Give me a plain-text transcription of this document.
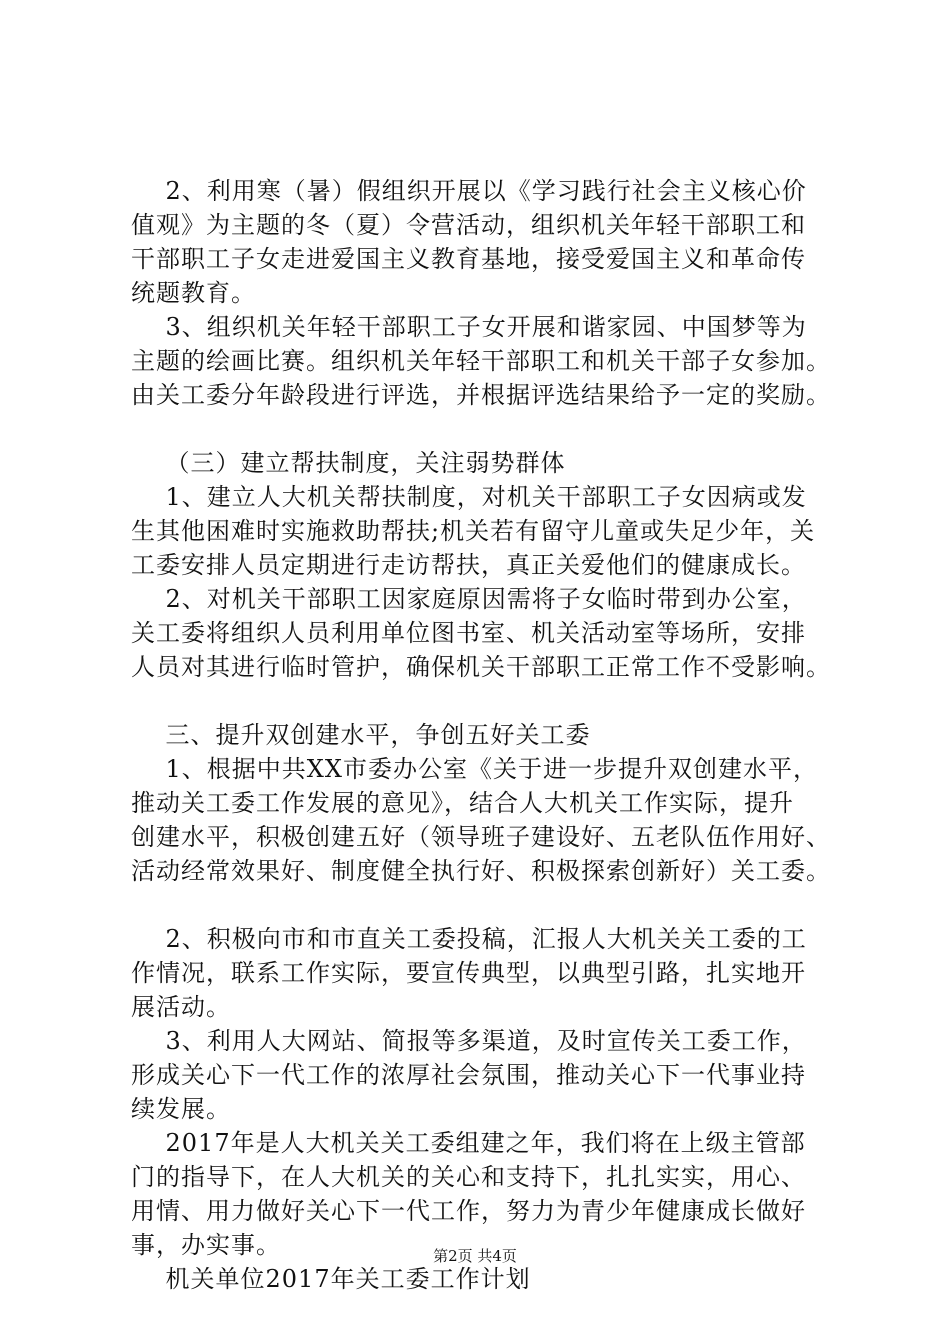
2、利用寒（暑）假组织开展以《学习践行社会主义核心价
值观》为主题的冬（夏）令营活动，组织机关年轻干部职工和
干部职工子女走进爱国主义教育基地，接受爱国主义和革命传
统题教育。
3、组织机关年轻干部职工子女开展和谐家园、中国梦等为
主题的绘画比赛。组织机关年轻干部职工和机关干部子女参加。
由关工委分年龄段进行评选，并根据评选结果给予一定的奖励。
（三）建立帮扶制度，关注弱势群体
1、建立人大机关帮扶制度，对机关干部职工子女因病或发
生其他困难时实施救助帮扶;机关若有留守儿童或失足少年，关
工委安排人员定期进行走访帮扶，真正关爱他们的健康成长。
2、对机关干部职工因家庭原因需将子女临时带到办公室，
关工委将组织人员利用单位图书室、机关活动室等场所，安排
人员对其进行临时管护，确保机关干部职工正常工作不受影响。
三、提升双创建水平，争创五好关工委
1、根据中共XX市委办公室《关于进一步提升双创建水平，
推动关工委工作发展的意见》，结合人大机关工作实际，提升
创建水平，积极创建五好（领导班子建设好、五老队伍作用好、
活动经常效果好、制度健全执行好、积极探索创新好）关工委。
2、积极向市和市直关工委投稿，汇报人大机关关工委的工
作情况，联系工作实际，要宣传典型，以典型引路，扎实地开
展活动。
3、利用人大网站、简报等多渠道，及时宣传关工委工作，
形成关心下一代工作的浓厚社会氛围，推动关心下一代事业持
续发展。
2017年是人大机关关工委组建之年，我们将在上级主管部
门的指导下，在人大机关的关心和支持下，扎扎实实，用心、
用情、用力做好关心下一代工作，努力为青少年健康成长做好
事，办实事。
机关单位2017年关工委工作计划
第2页 共4页
